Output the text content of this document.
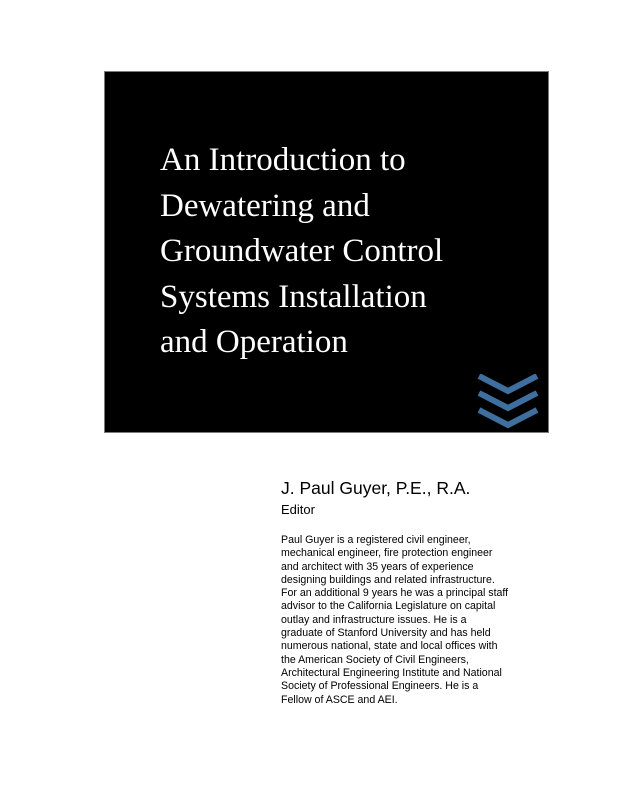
An Introduction to
Dewatering and
Groundwater Control
Systems Installation
and Operation

J. Paul Guyer, P.E., R.A.

Editor

Paul Guyer is a registered civil engineer,
mechanical engineer, fire protection engineer
and architect with 35 years of experience
designing buildings and related infrastructure.
For an additional 9 years he was a principal staff
advisor to the California Legislature on capital
outlay and infrastructure issues. He is a
graduate of Stanford University and has held
numerous national, state and local offices with
the American Society of Civil Engineers,
Architectural Engineering Institute and National
Society of Professional Engineers. He is a
Fellow of ASCE and AEI.
